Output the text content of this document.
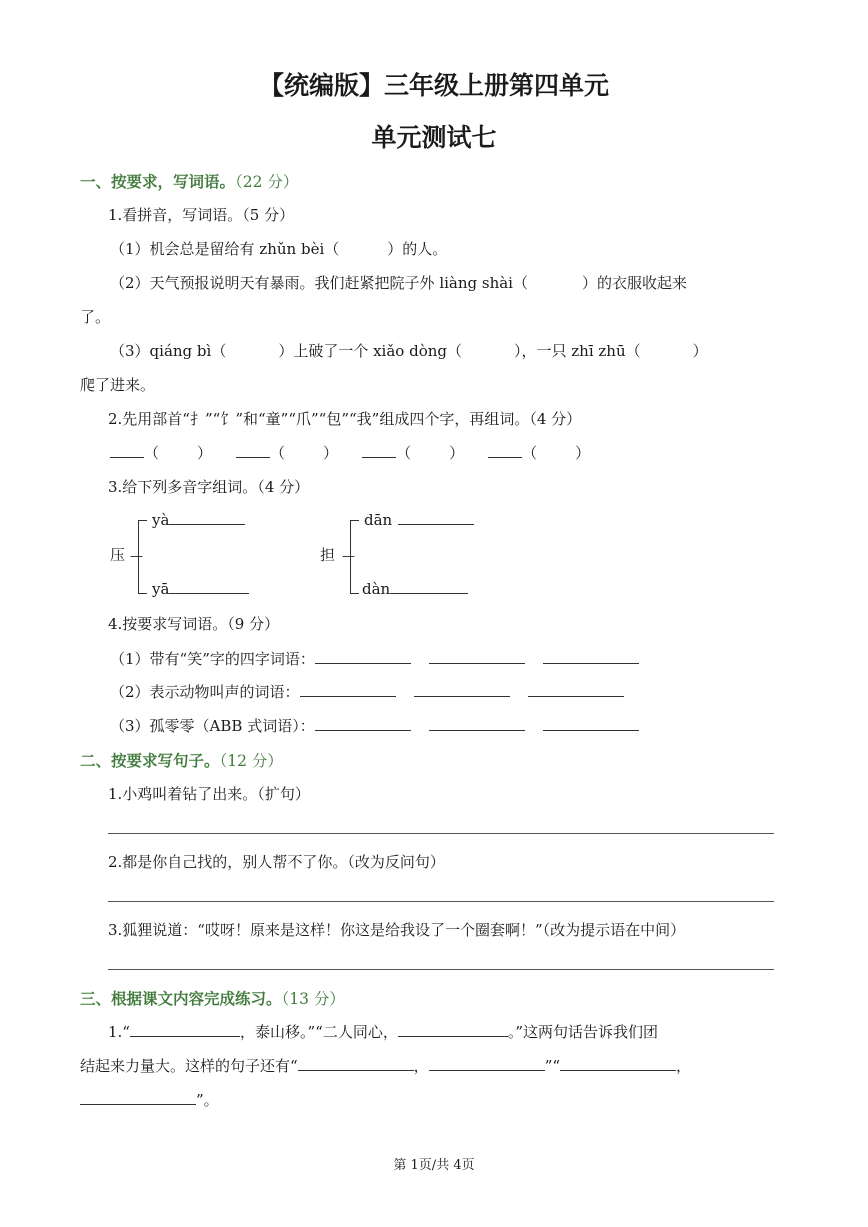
【统编版】三年级上册第四单元
单元测试七
一、按要求，写词语。（22 分）
1.看拼音，写词语。（5 分）
（1）机会总是留给有 zhǔn bèi（	）的人。
（2）天气预报说明天有暴雨。我们赶紧把院子外 liàng shài（	）的衣服收起来
了。
（3）qiáng bì（	）上破了一个 xiǎo dòng（	），一只 zhī zhū（	）
爬了进来。
2.先用部首“扌”“饣”和“童”“爪”“包”“我”组成四个字，再组词。（4 分）
（	）	（	）	（	）	（	）
3.给下列多音字组词。（4 分）
压 —
yà
yā
担 —
dān
dàn
4.按要求写词语。（9 分）
（1）带有“笑”字的四字词语：
（2）表示动物叫声的词语：
（3）孤零零（ABB 式词语）：
二、按要求写句子。（12 分）
1.小鸡叫着钻了出来。（扩句）
2.都是你自己找的，别人帮不了你。（改为反问句）
3.狐狸说道：“哎呀！原来是这样！你这是给我设了一个圈套啊！”（改为提示语在中间）
三、根据课文内容完成练习。（13 分）
1.“	，泰山移。”“二人同心，	。”这两句话告诉我们团
结起来力量大。这样的句子还有“	，	”“	，
”。
第 1页/共 4页
